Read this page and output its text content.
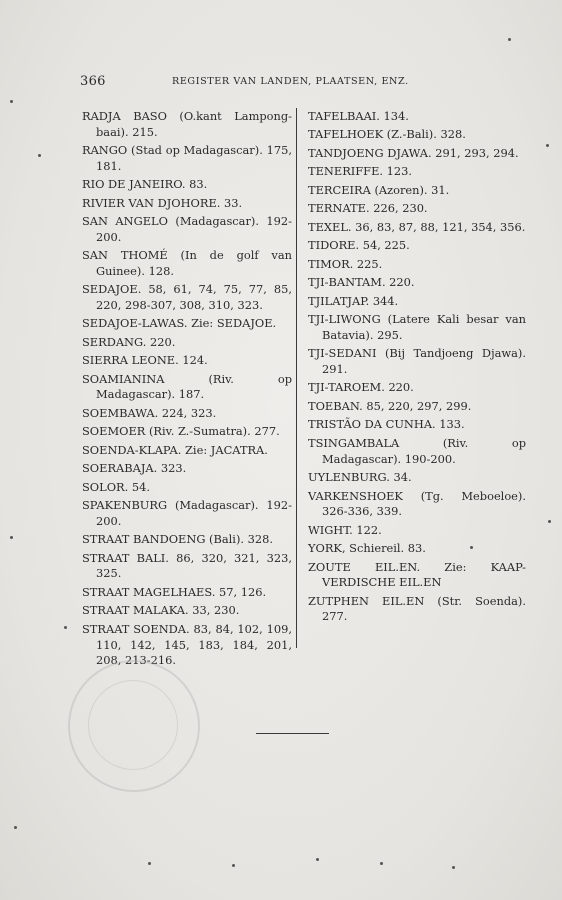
366	REGISTER VAN LANDEN, PLAATSEN, ENZ.
RADJA BASO (O.kant Lampong-baai). 215.
RANGO (Stad op Madagascar). 175, 181.
RIO DE JANEIRO. 83.
RIVIER VAN DJOHORE. 33.
SAN ANGELO (Madagascar). 192-200.
SAN THOMÉ (In de golf van Guinee). 128.
SEDAJOE. 58, 61, 74, 75, 77, 85, 220, 298-307, 308, 310, 323.
SEDAJOE-LAWAS. Zie: SEDAJOE.
SERDANG. 220.
SIERRA LEONE. 124.
SOAMIANINA (Riv. op Madagascar). 187.
SOEMBAWA. 224, 323.
SOEMOER (Riv. Z.-Sumatra). 277.
SOENDA-KLAPA. Zie: JACATRA.
SOERABAJA. 323.
SOLOR. 54.
SPAKENBURG (Madagascar). 192-200.
STRAAT BANDOENG (Bali). 328.
STRAAT BALI. 86, 320, 321, 323, 325.
STRAAT MAGELHAES. 57, 126.
STRAAT MALAKA. 33, 230.
STRAAT SOENDA. 83, 84, 102, 109, 110, 142, 145, 183, 184, 201, 208, 213-216.
TAFELBAAI. 134.
TAFELHOEK (Z.-Bali). 328.
TANDJOENG DJAWA. 291, 293, 294.
TENERIFFE. 123.
TERCEIRA (Azoren). 31.
TERNATE. 226, 230.
TEXEL. 36, 83, 87, 88, 121, 354, 356.
TIDORE. 54, 225.
TIMOR. 225.
TJI-BANTAM. 220.
TJILATJAP. 344.
TJI-LIWONG (Latere Kali besar van Batavia). 295.
TJI-SEDANI (Bij Tandjoeng Djawa). 291.
TJI-TAROEM. 220.
TOEBAN. 85, 220, 297, 299.
TRISTÃO DA CUNHA. 133.
TSINGAMBALA (Riv. op Madagascar). 190-200.
UYLENBURG. 34.
VARKENSHOEK (Tg. Meboeloe). 326-336, 339.
WIGHT. 122.
YORK, Schiereil. 83.
ZOUTE EIL.EN. Zie: KAAP-VERDISCHE EIL.EN
ZUTPHEN EIL.EN (Str. Soenda). 277.
